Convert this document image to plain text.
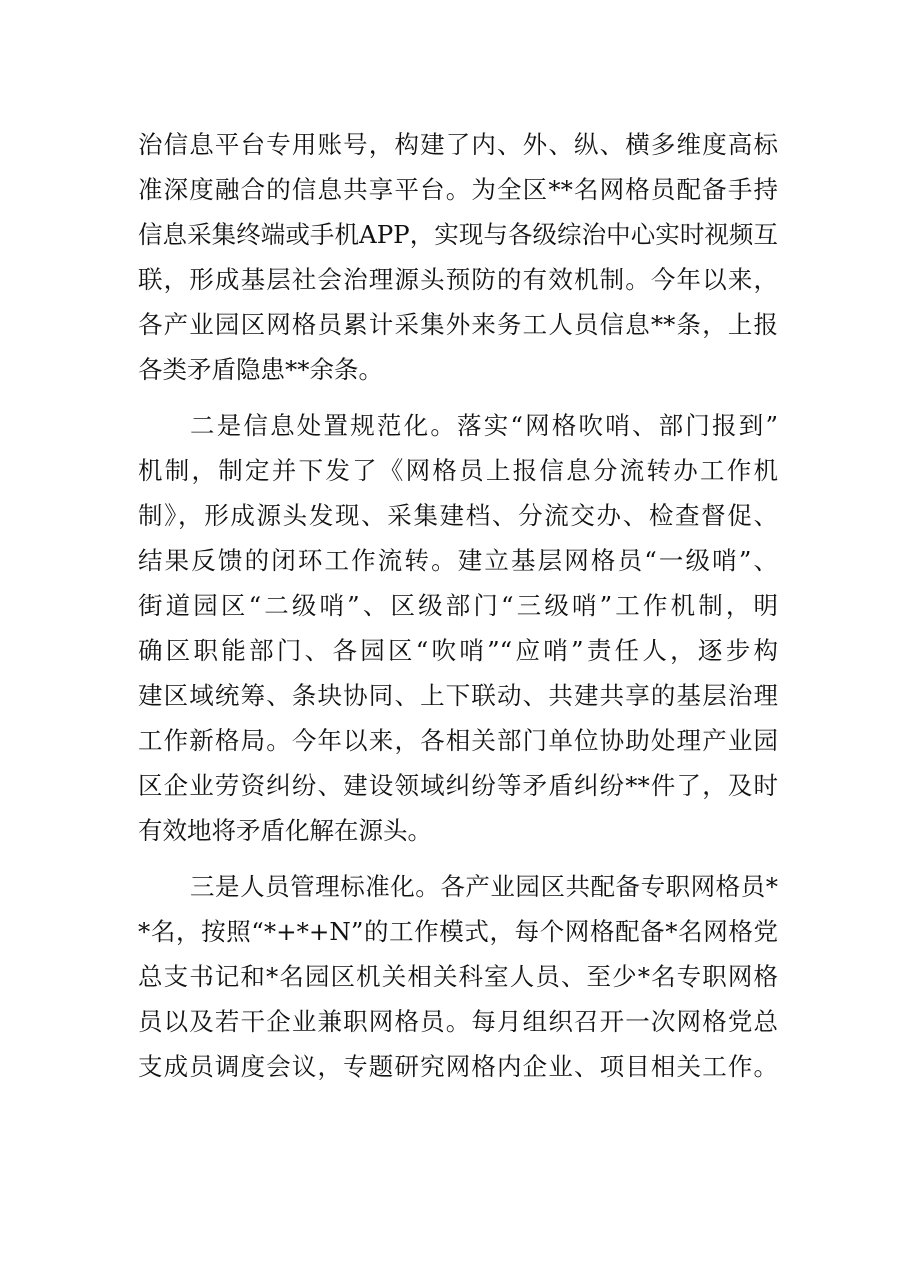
治信息平台专用账号，构建了内、外、纵、横多维度高标
准深度融合的信息共享平台。为全区**名网格员配备手持
信息采集终端或手机APP，实现与各级综治中心实时视频互
联，形成基层社会治理源头预防的有效机制。今年以来，
各产业园区网格员累计采集外来务工人员信息**条，上报
各类矛盾隐患**余条。

二是信息处置规范化。落实“网格吹哨、部门报到”
机制，制定并下发了《网格员上报信息分流转办工作机
制》，形成源头发现、采集建档、分流交办、检查督促、
结果反馈的闭环工作流转。建立基层网格员“一级哨”、
街道园区“二级哨”、区级部门“三级哨”工作机制，明
确区职能部门、各园区“吹哨”“应哨”责任人，逐步构
建区域统筹、条块协同、上下联动、共建共享的基层治理
工作新格局。今年以来，各相关部门单位协助处理产业园
区企业劳资纠纷、建设领域纠纷等矛盾纠纷**件了，及时
有效地将矛盾化解在源头。

三是人员管理标准化。各产业园区共配备专职网格员*
*名，按照“*+*+N”的工作模式，每个网格配备*名网格党
总支书记和*名园区机关相关科室人员、至少*名专职网格
员以及若干企业兼职网格员。每月组织召开一次网格党总
支成员调度会议，专题研究网格内企业、项目相关工作。
